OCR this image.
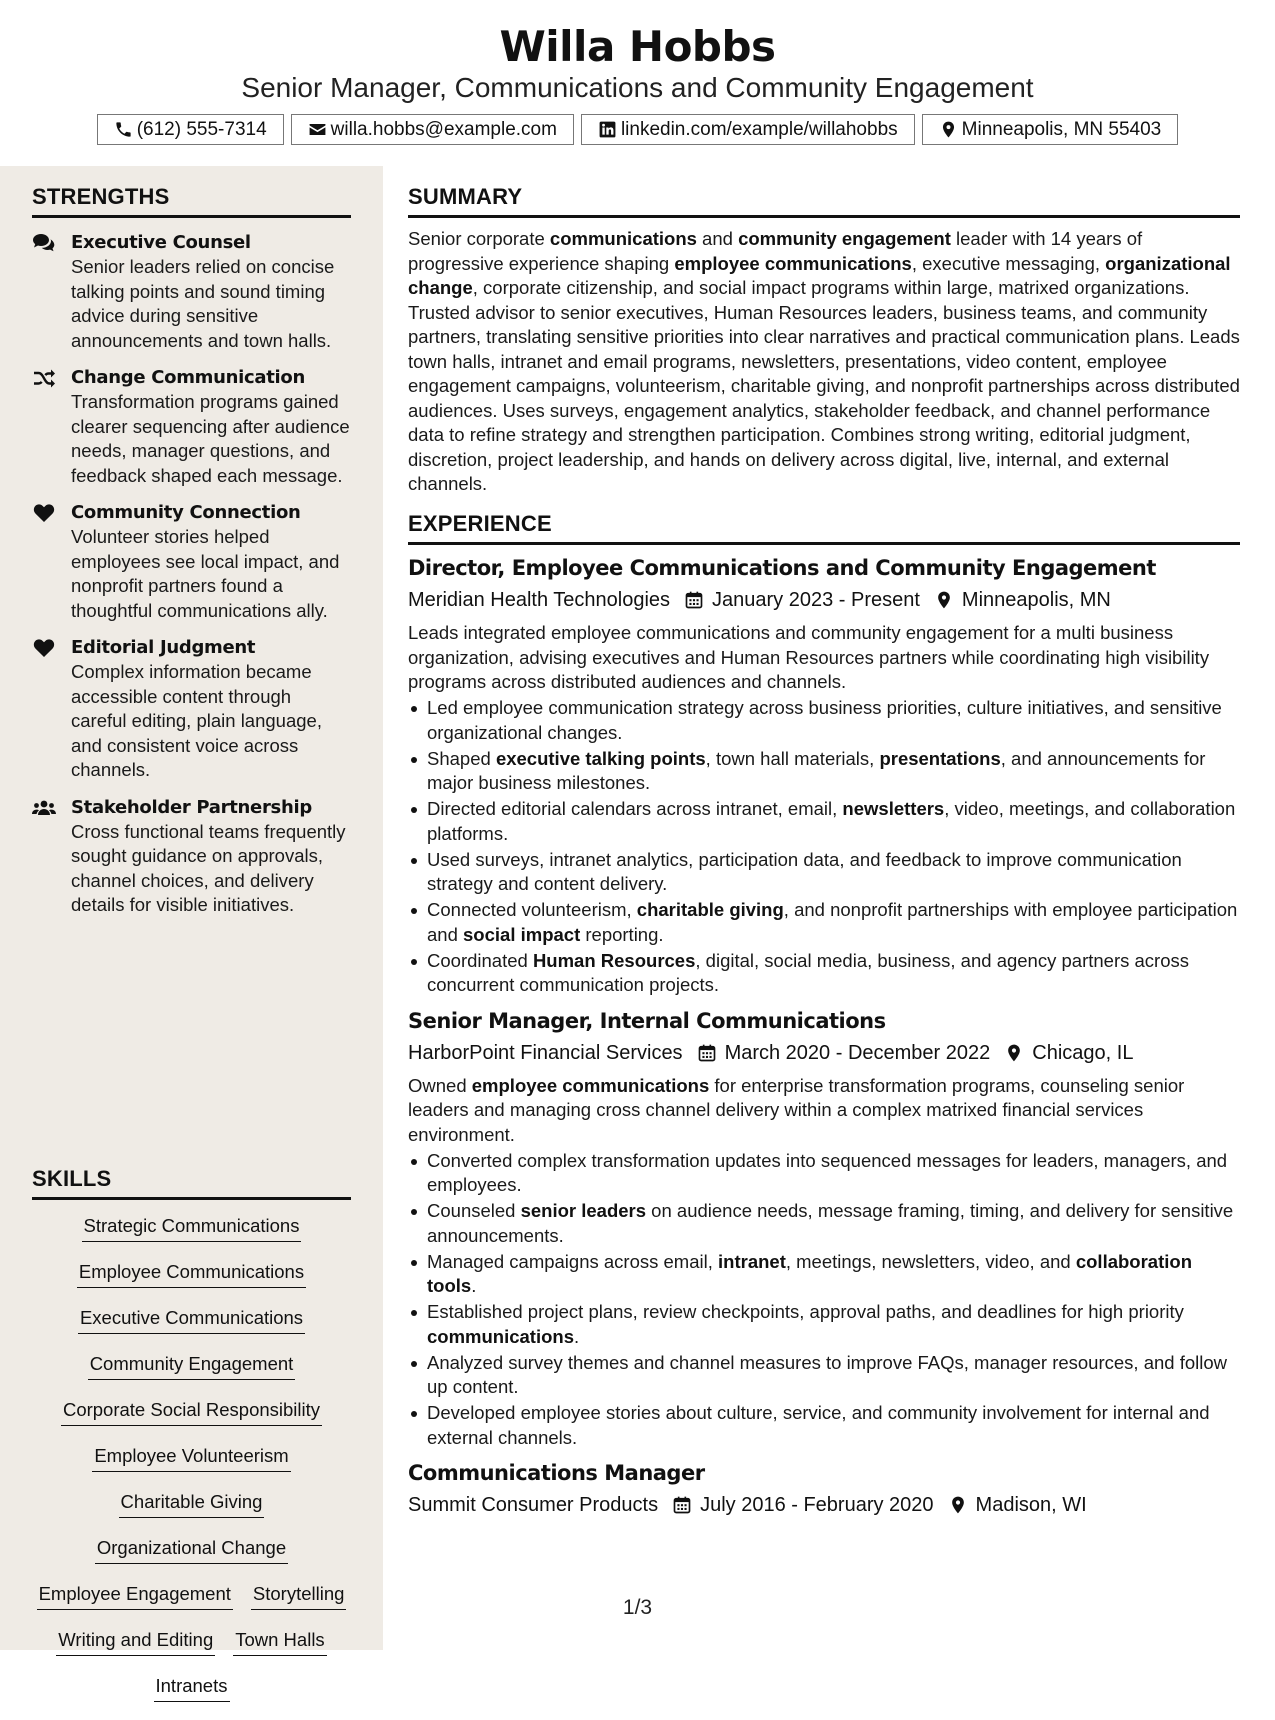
Willa Hobbs
Senior Manager, Communications and Community Engagement
(612) 555-7314	willa.hobbs@example.com	linkedin.com/example/willahobbs	Minneapolis, MN 55403
STRENGTHS
Executive Counsel
Senior leaders relied on concise talking points and sound timing advice during sensitive announcements and town halls.
Change Communication
Transformation programs gained clearer sequencing after audience needs, manager questions, and feedback shaped each message.
Community Connection
Volunteer stories helped employees see local impact, and nonprofit partners found a thoughtful communications ally.
Editorial Judgment
Complex information became accessible content through careful editing, plain language, and consistent voice across channels.
Stakeholder Partnership
Cross functional teams frequently sought guidance on approvals, channel choices, and delivery details for visible initiatives.
SKILLS
Strategic Communications
Employee Communications
Executive Communications
Community Engagement
Corporate Social Responsibility
Employee Volunteerism
Charitable Giving
Organizational Change
Employee Engagement Storytelling
Writing and Editing Town Halls
Intranets
SUMMARY

Senior corporate communications and community engagement leader with 14 years of progressive experience shaping employee communications, executive messaging, organizational change, corporate citizenship, and social impact programs within large, matrixed organizations. Trusted advisor to senior executives, Human Resources leaders, business teams, and community partners, translating sensitive priorities into clear narratives and practical communication plans. Leads town halls, intranet and email programs, newsletters, presentations, video content, employee engagement campaigns, volunteerism, charitable giving, and nonprofit partnerships across distributed audiences. Uses surveys, engagement analytics, stakeholder feedback, and channel performance data to refine strategy and strengthen participation. Combines strong writing, editorial judgment, discretion, project leadership, and hands on delivery across digital, live, internal, and external channels.

EXPERIENCE
Director, Employee Communications and Community Engagement
Meridian Health Technologies January 2023 - Present Minneapolis, MN
Leads integrated employee communications and community engagement for a multi business organization, advising executives and Human Resources partners while coordinating high visibility programs across distributed audiences and channels.
Led employee communication strategy across business priorities, culture initiatives, and sensitive organizational changes.
Shaped executive talking points, town hall materials, presentations, and announcements for major business milestones.
Directed editorial calendars across intranet, email, newsletters, video, meetings, and collaboration platforms.
Used surveys, intranet analytics, participation data, and feedback to improve communication strategy and content delivery.
Connected volunteerism, charitable giving, and nonprofit partnerships with employee participation and social impact reporting.
Coordinated Human Resources, digital, social media, business, and agency partners across concurrent communication projects.
Senior Manager, Internal Communications
HarborPoint Financial Services March 2020 - December 2022 Chicago, IL
Owned employee communications for enterprise transformation programs, counseling senior leaders and managing cross channel delivery within a complex matrixed financial services environment.
Converted complex transformation updates into sequenced messages for leaders, managers, and employees.
Counseled senior leaders on audience needs, message framing, timing, and delivery for sensitive announcements.
Managed campaigns across email, intranet, meetings, newsletters, video, and collaboration tools.
Established project plans, review checkpoints, approval paths, and deadlines for high priority communications.
Analyzed survey themes and channel measures to improve FAQs, manager resources, and follow up content.
Developed employee stories about culture, service, and community involvement for internal and external channels.
Communications Manager
Summit Consumer Products July 2016 - February 2020 Madison, WI
1/3
